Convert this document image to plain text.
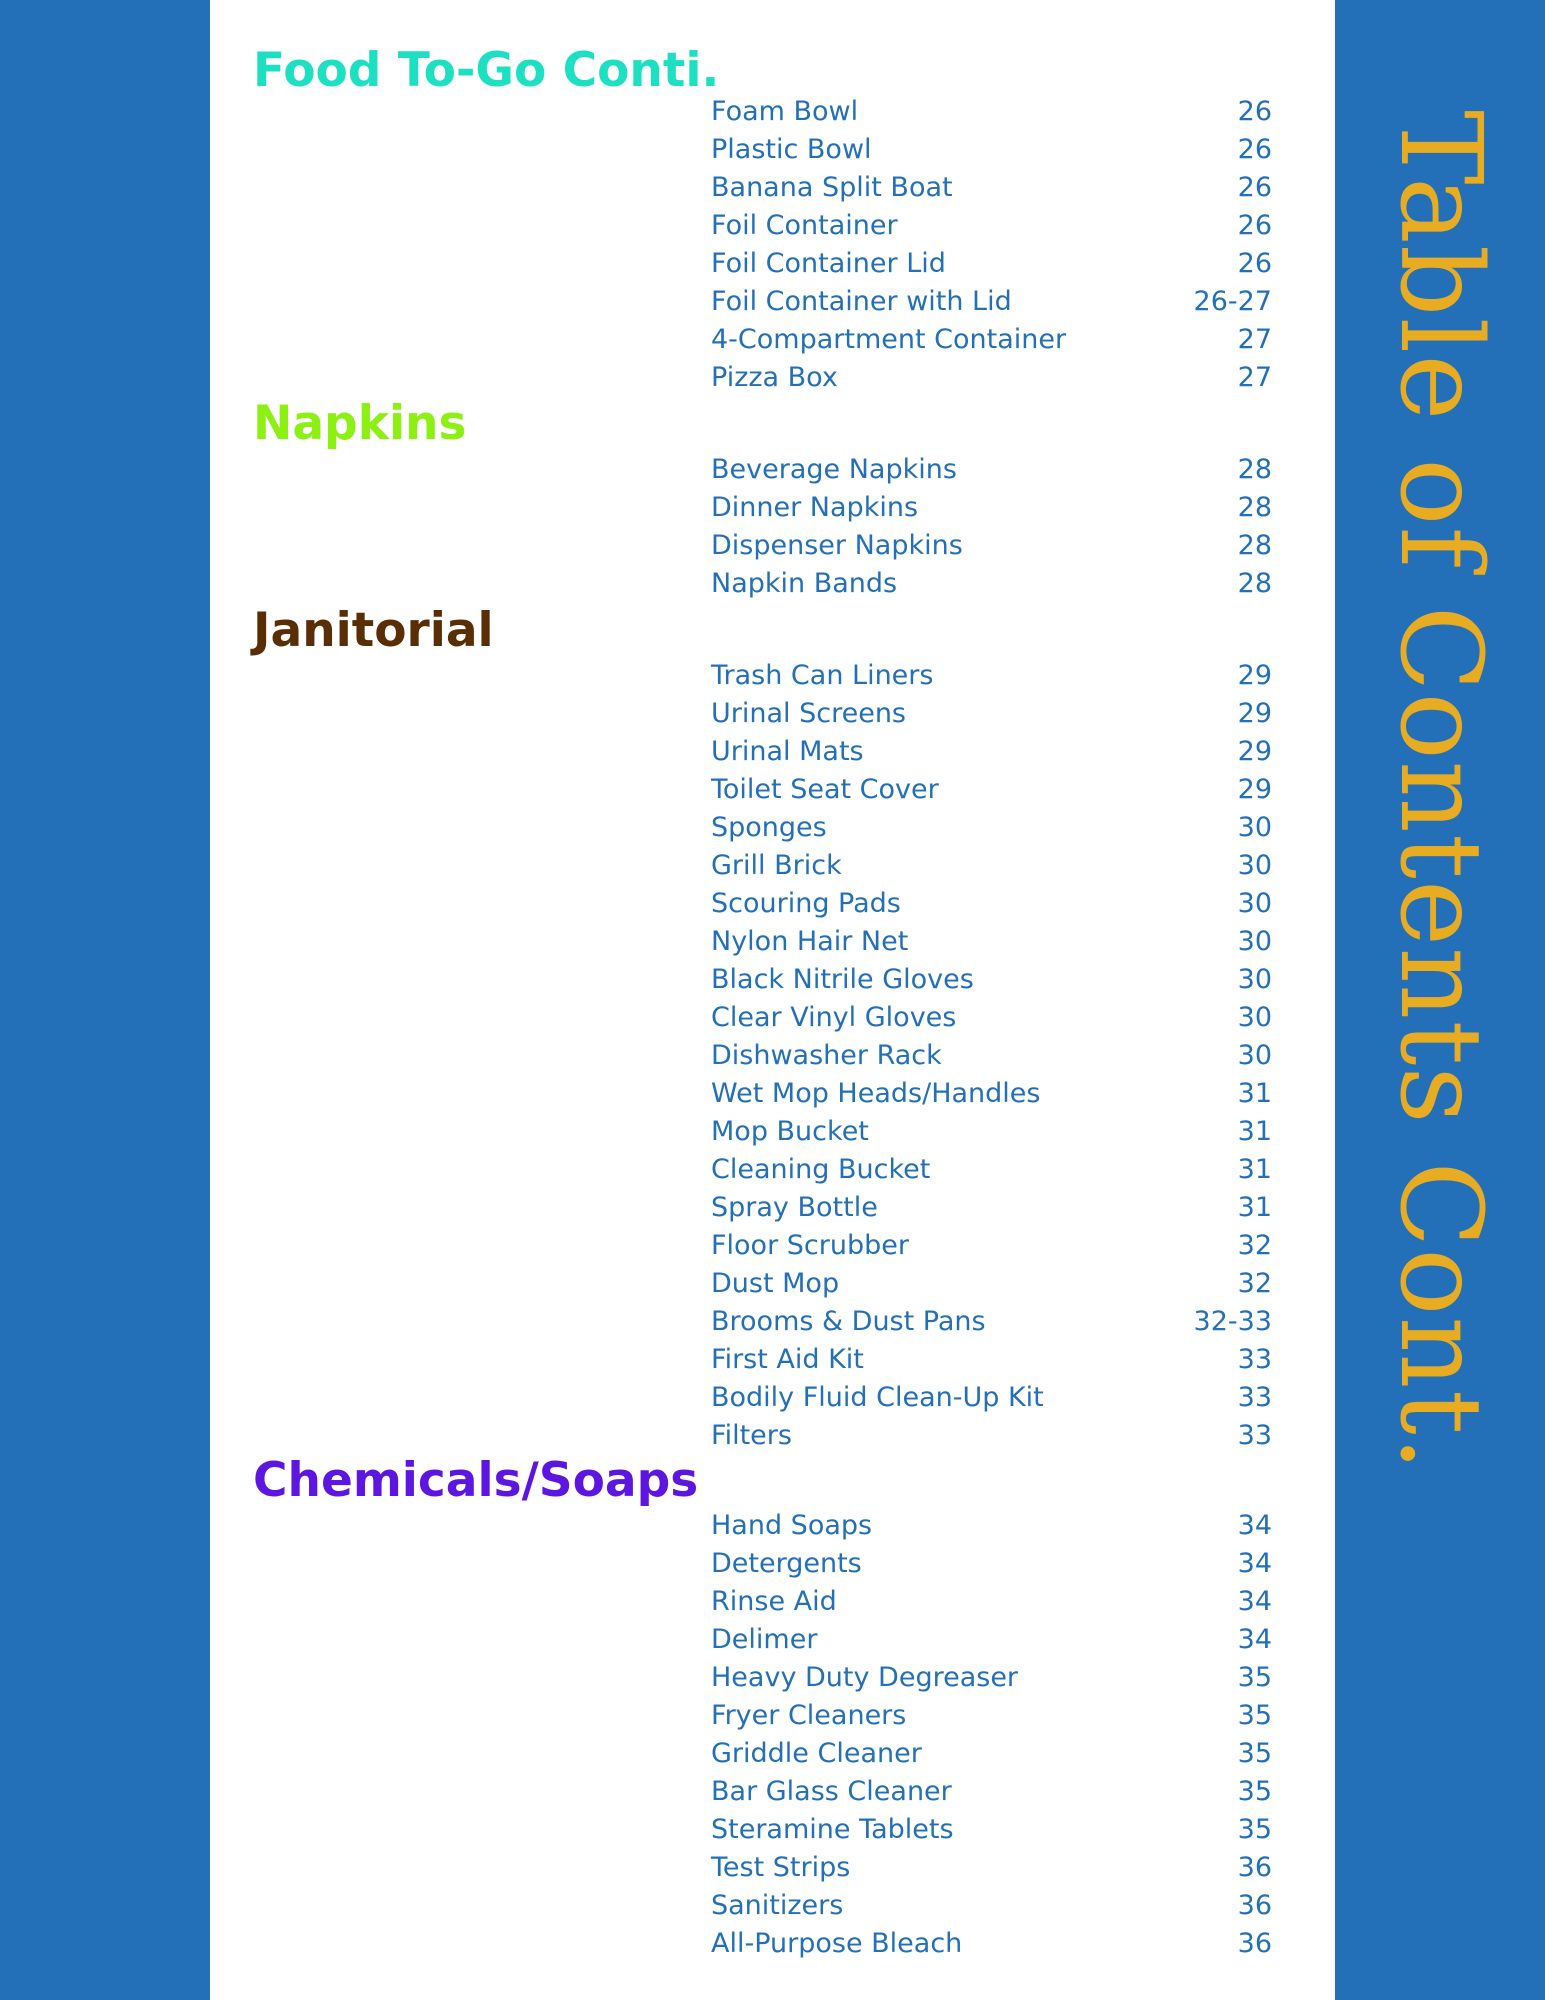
Table of Contents Cont.
Food To-Go Conti.
Foam Bowl	26
Plastic Bowl	26
Banana Split Boat	26
Foil Container	26
Foil Container Lid	26
Foil Container with Lid	26-27
4-Compartment Container	27
Pizza Box	27
Napkins
Beverage Napkins	28
Dinner Napkins	28
Dispenser Napkins	28
Napkin Bands	28
Janitorial
Trash Can Liners	29
Urinal Screens	29
Urinal Mats	29
Toilet Seat Cover	29
Sponges	30
Grill Brick	30
Scouring Pads	30
Nylon Hair Net	30
Black Nitrile Gloves	30
Clear Vinyl Gloves	30
Dishwasher Rack	30
Wet Mop Heads/Handles	31
Mop Bucket	31
Cleaning Bucket	31
Spray Bottle	31
Floor Scrubber	32
Dust Mop	32
Brooms & Dust Pans	32-33
First Aid Kit	33
Bodily Fluid Clean-Up Kit	33
Filters	33
Chemicals/Soaps
Hand Soaps	34
Detergents	34
Rinse Aid	34
Delimer	34
Heavy Duty Degreaser	35
Fryer Cleaners	35
Griddle Cleaner	35
Bar Glass Cleaner	35
Steramine Tablets	35
Test Strips	36
Sanitizers	36
All-Purpose Bleach	36
